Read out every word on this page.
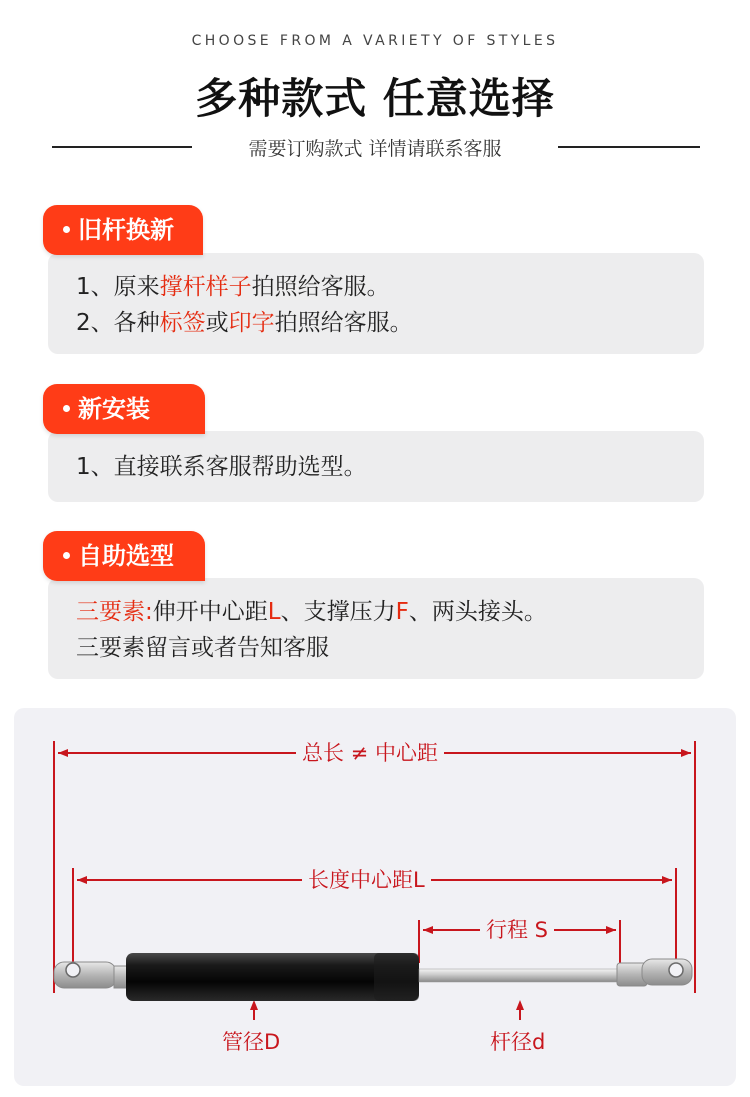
CHOOSE FROM A VARIETY OF STYLES
多种款式 任意选择
需要订购款式 详情请联系客服
旧杆换新
1、原来撑杆样子拍照给客服。
2、各种标签或印字拍照给客服。
新安装
1、直接联系客服帮助选型。
自助选型
三要素:伸开中心距L、支撑压力F、两头接头。
三要素留言或者告知客服
总长 ≠ 中心距
长度中心距L
行程 S
管径D	杆径d
